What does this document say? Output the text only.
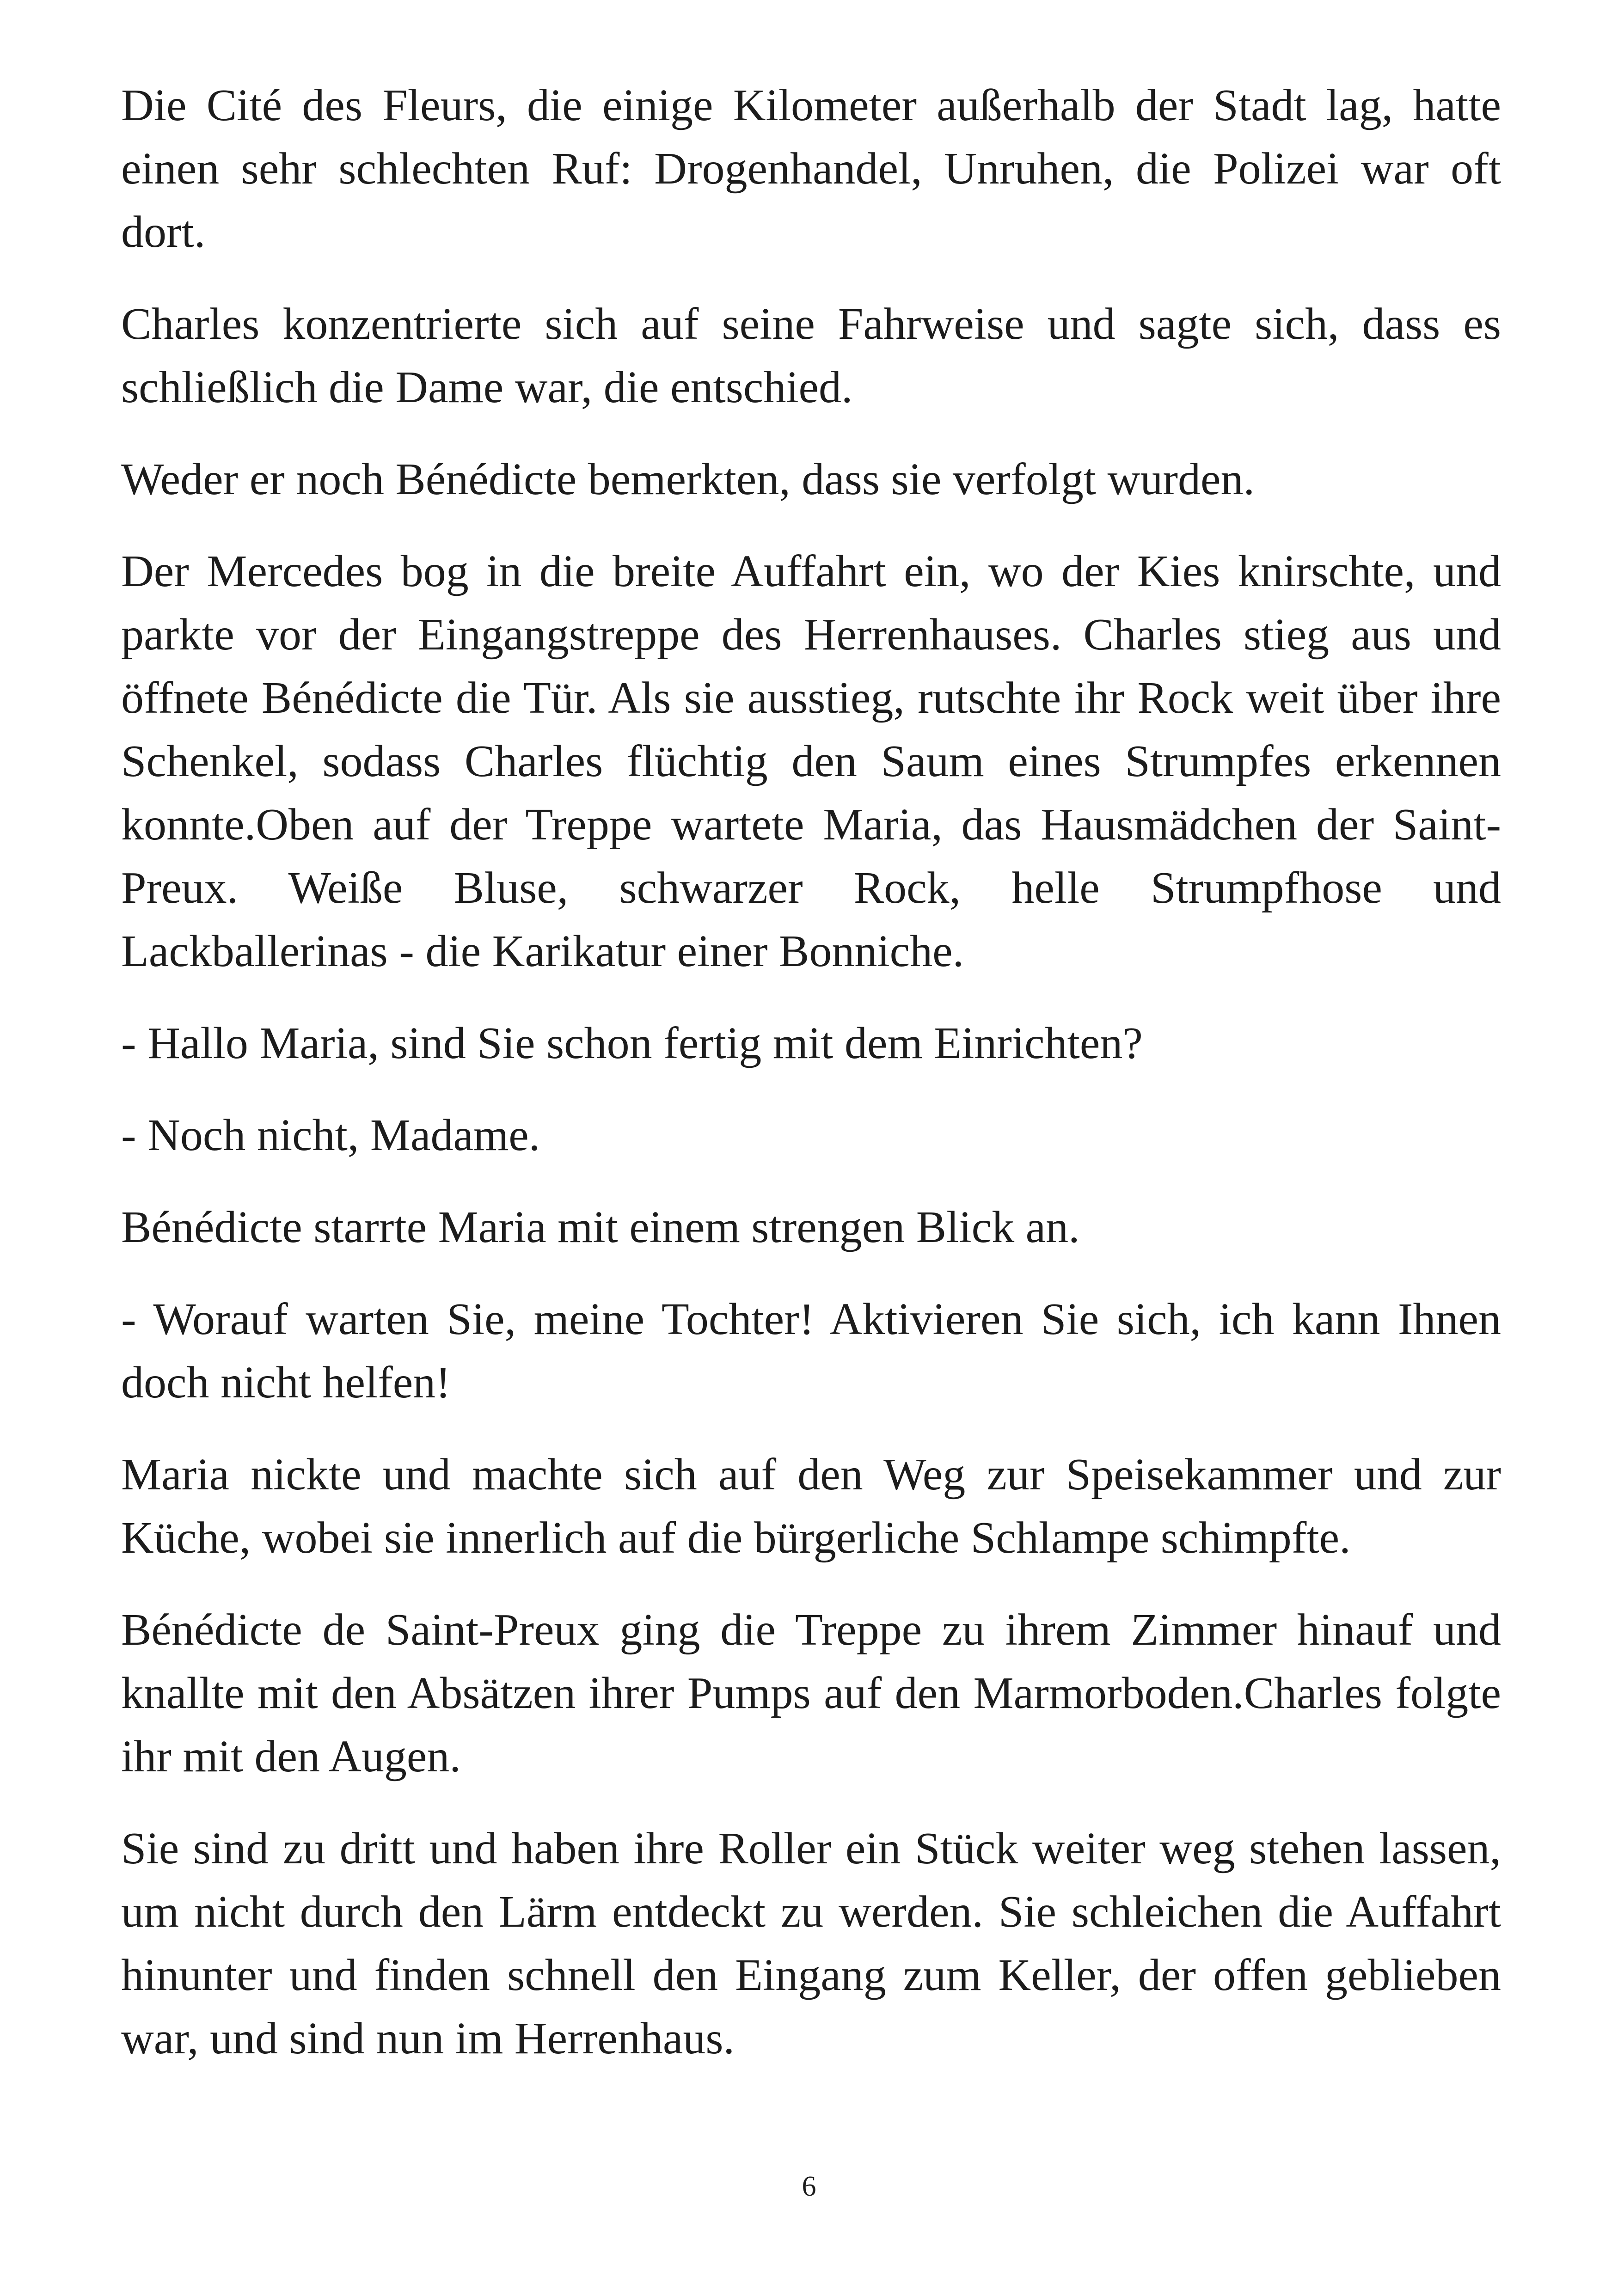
Die Cité des Fleurs, die einige Kilometer außerhalb der Stadt lag, hatte einen sehr schlechten Ruf: Drogenhandel, Unruhen, die Polizei war oft dort.

Charles konzentrierte sich auf seine Fahrweise und sagte sich, dass es schließlich die Dame war, die entschied.

Weder er noch Bénédicte bemerkten, dass sie verfolgt wurden.

Der Mercedes bog in die breite Auffahrt ein, wo der Kies knirschte, und parkte vor der Eingangstreppe des Herrenhauses. Charles stieg aus und öffnete Bénédicte die Tür. Als sie ausstieg, rutschte ihr Rock weit über ihre Schenkel, sodass Charles flüchtig den Saum eines Strumpfes erkennen konnte.Oben auf der Treppe wartete Maria, das Hausmädchen der Saint-Preux. Weiße Bluse, schwarzer Rock, helle Strumpfhose und Lackballerinas - die Karikatur einer Bonniche.

- Hallo Maria, sind Sie schon fertig mit dem Einrichten?

- Noch nicht, Madame.

Bénédicte starrte Maria mit einem strengen Blick an.

- Worauf warten Sie, meine Tochter! Aktivieren Sie sich, ich kann Ihnen doch nicht helfen!

Maria nickte und machte sich auf den Weg zur Speisekammer und zur Küche, wobei sie innerlich auf die bürgerliche Schlampe schimpfte.

Bénédicte de Saint-Preux ging die Treppe zu ihrem Zimmer hinauf und knallte mit den Absätzen ihrer Pumps auf den Marmorboden.Charles folgte ihr mit den Augen.

Sie sind zu dritt und haben ihre Roller ein Stück weiter weg stehen lassen, um nicht durch den Lärm entdeckt zu werden. Sie schleichen die Auffahrt hinunter und finden schnell den Eingang zum Keller, der offen geblieben war, und sind nun im Herrenhaus.

6
